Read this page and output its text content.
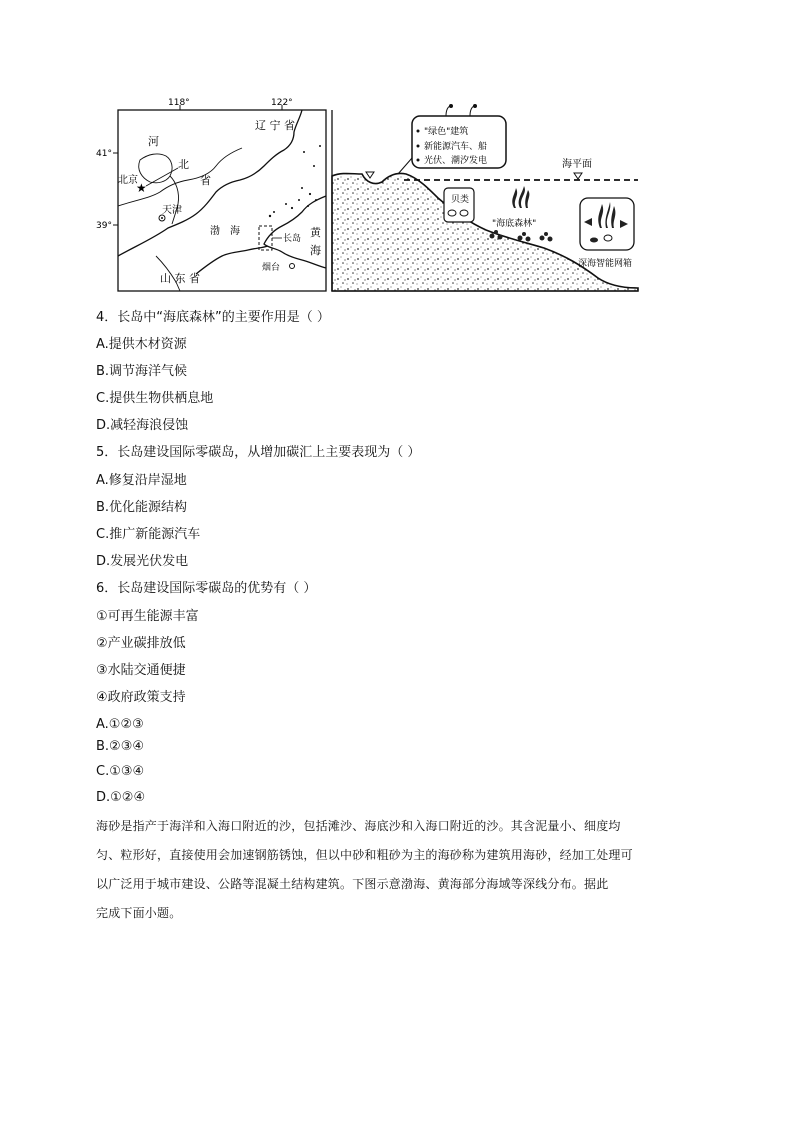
118°	122°
41°
39°
★
河
北
省
辽 宁 省
北京
天津
渤 海
长岛 黄
海
烟台
山 东 省
海平面
"绿色"建筑
新能源汽车、船
光伏、潮汐发电
贝类
"海底森林"
深海智能网箱
4．长岛中“海底森林”的主要作用是（ ）
A.提供木材资源
B.调节海洋气候
C.提供生物供栖息地
D.减轻海浪侵蚀
5．长岛建设国际零碳岛，从增加碳汇上主要表现为（ ）
A.修复沿岸湿地
B.优化能源结构
C.推广新能源汽车
D.发展光伏发电
6．长岛建设国际零碳岛的优势有（ ）
①可再生能源丰富
②产业碳排放低
③水陆交通便捷
④政府政策支持
A.①②③
B.②③④
C.①③④
D.①②④

海砂是指产于海洋和入海口附近的沙，包括滩沙、海底沙和入海口附近的沙。其含泥量小、细度均

匀、粒形好，直接使用会加速钢筋锈蚀，但以中砂和粗砂为主的海砂称为建筑用海砂，经加工处理可

以广泛用于城市建设、公路等混凝土结构建筑。下图示意渤海、黄海部分海域等深线分布。据此

完成下面小题。
